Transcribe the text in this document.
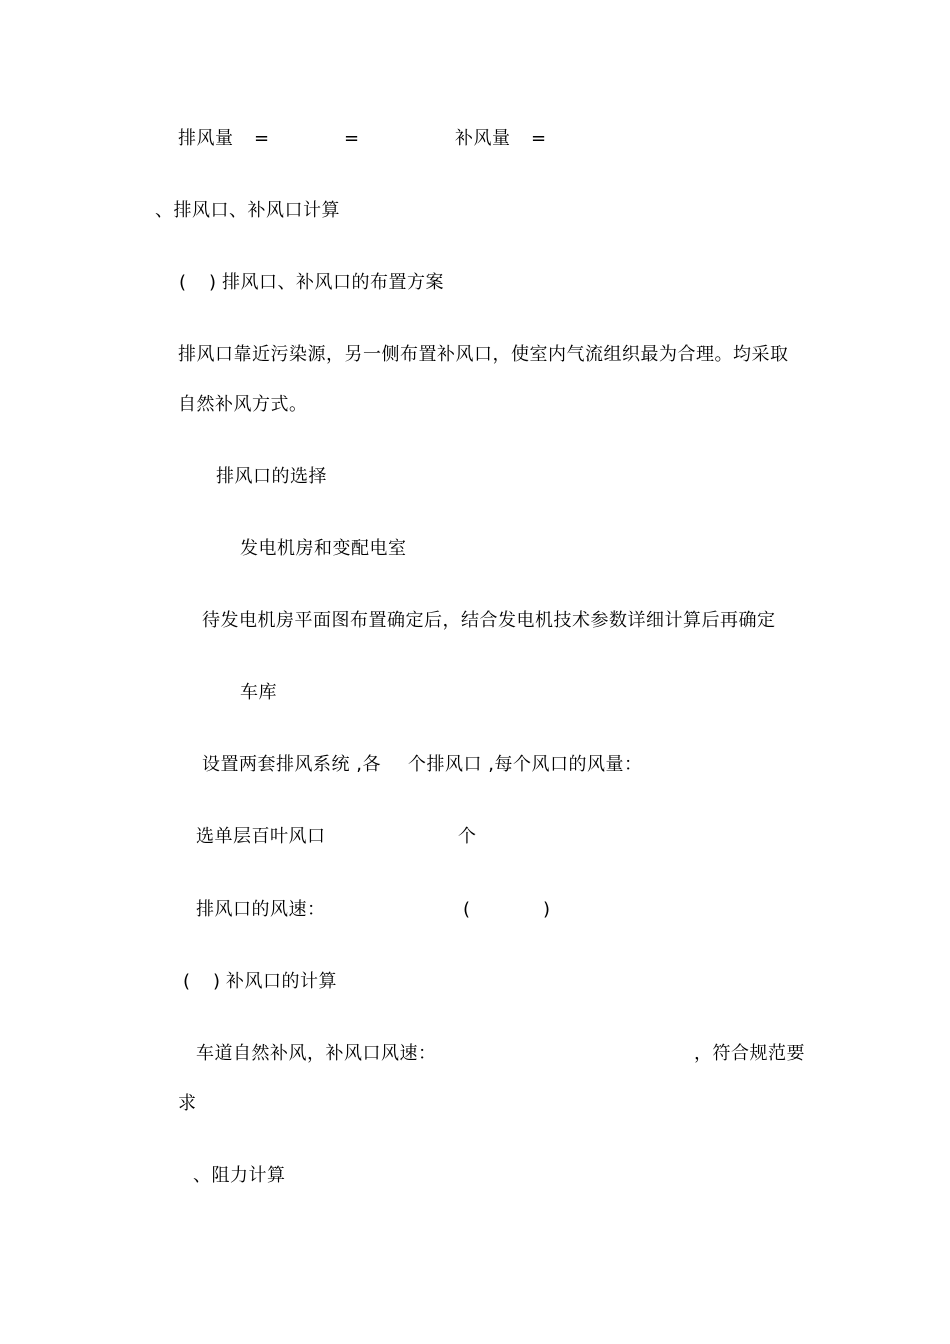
排风量 =	=	补风量 =
、排风口、补风口计算
( ) 排风口、补风口的布置方案
排风口靠近污染源，另一侧布置补风口，使室内气流组织最为合理。均采取
自然补风方式。
排风口的选择
发电机房和变配电室
待发电机房平面图布置确定后，结合发电机技术参数详细计算后再确定
车库
设置两套排风系统 ,各 个排风口 ,每个风口的风量：
选单层百叶风口	个
排风口的风速：	(	)
( ) 补风口的计算
车道自然补风，补风口风速：	，符合规范要
求
、阻力计算
